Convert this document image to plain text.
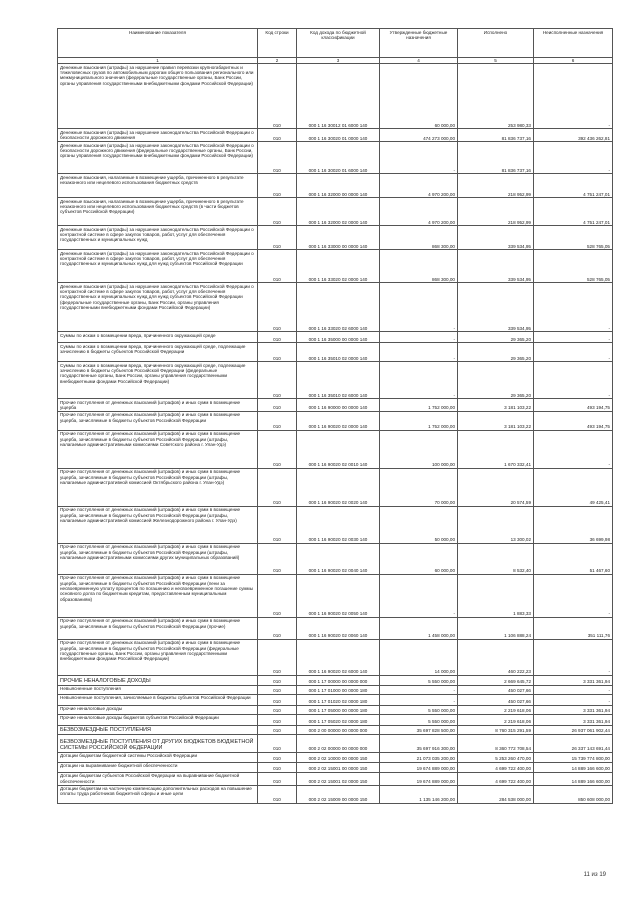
Наименование показателя	Код строки	Код дохода по бюджетной классификации	Утвержденные бюджетные назначения	Исполнено	Неисполненные назначения
1	2	3	4	5	6
Денежные взыскания (штрафы) за нарушение правил перевозки крупногабаритных и тяжеловесных грузов по автомобильным дорогам общего пользования регионального или межмуниципального значения (федеральные государственные органы, Банк России, органы управления государственными внебюджетными фондами Российской Федерации)	010	000 1 16 30012 01 6000 140	60 000,00	253 980,33	-
Денежные взыскания (штрафы) за нарушение законодательства Российской Федерации о безопасности дорожного движения	010	000 1 16 30020 01 0000 140	474 273 000,00	81 836 737,16	392 436 262,81
Денежные взыскания (штрафы) за нарушение законодательства Российской Федерации о безопасности дорожного движения (федеральные государственные органы, Банк России, органы управления государственными внебюджетными фондами Российской Федерации)	010	000 1 16 30020 01 6000 140	-	81 836 737,16	-
Денежные взыскания, налагаемые в возмещение ущерба, причиненного в результате незаконного или нецелевого использования бюджетных средств	010	000 1 16 32000 00 0000 140	4 970 200,00	218 952,99	4 751 247,01
Денежные взыскания, налагаемые в возмещение ущерба, причиненного в результате незаконного или нецелевого использования бюджетных средств (в части бюджетов субъектов Российской Федерации)	010	000 1 16 32000 02 0000 140	4 970 200,00	218 952,99	4 751 247,01
Денежные взыскания (штрафы) за нарушение законодательства Российской Федерации о контрактной системе в сфере закупок товаров, работ, услуг для обеспечения государственных и муниципальных нужд	010	000 1 16 33000 00 0000 140	868 300,00	339 534,95	528 765,05
Денежные взыскания (штрафы) за нарушение законодательства Российской Федерации о контрактной системе в сфере закупок товаров, работ, услуг для обеспечения государственных и муниципальных нужд для нужд субъектов Российской Федерации	010	000 1 16 33020 02 0000 140	868 300,00	339 534,95	528 765,05
Денежные взыскания (штрафы) за нарушение законодательства Российской Федерации о контрактной системе в сфере закупок товаров, работ, услуг для обеспечения государственных и муниципальных нужд для нужд субъектов Российской Федерации (федеральные государственные органы, Банк России, органы управления государственными внебюджетными фондами Российской Федерации)	010	000 1 16 33020 02 6000 140	-	339 534,95	-
Суммы по искам о возмещении вреда, причиненного окружающей среде	010	000 1 16 35000 00 0000 140	-	29 365,20	-
Суммы по искам о возмещении вреда, причиненного окружающей среде, подлежащие зачислению в бюджеты субъектов Российской Федерации	010	000 1 16 35010 02 0000 140	-	29 365,20	-
Суммы по искам о возмещении вреда, причиненного окружающей среде, подлежащие зачислению в бюджеты субъектов Российской Федерации (федеральные государственные органы, Банк России, органы управления государственными внебюджетными фондами Российской Федерации)	010	000 1 16 35010 02 6000 140	-	29 365,20	-
Прочие поступления от денежных взысканий (штрафов) и иных сумм в возмещение ущерба	010	000 1 16 90000 00 0000 140	1 752 000,00	3 181 103,22	493 194,75
Прочие поступления от денежных взысканий (штрафов) и иных сумм в возмещение ущерба, зачисляемые в бюджеты субъектов Российской Федерации	010	000 1 16 90020 02 0000 140	1 752 000,00	3 181 103,22	493 194,75
Прочие поступления от денежных взысканий (штрафов) и иных сумм в возмещение ущерба, зачисляемые в бюджеты субъектов Российской Федерации (штрафы, налагаемые административными комиссиями Советского района г. Улан-Удэ)	010	000 1 16 90020 02 0010 140	100 000,00	1 670 332,41	-
Прочие поступления от денежных взысканий (штрафов) и иных сумм в возмещение ущерба, зачисляемые в бюджеты субъектов Российской Федерации (штрафы, налагаемые административной комиссией Октябрьского района г. Улан-Удэ)	010	000 1 16 90020 02 0020 140	70 000,00	20 574,59	49 425,41
Прочие поступления от денежных взысканий (штрафов) и иных сумм в возмещение ущерба, зачисляемые в бюджеты субъектов Российской Федерации (штрафы, налагаемые административной комиссией Железнодорожного района г. Улан-Удэ)	010	000 1 16 90020 02 0030 140	50 000,00	13 300,02	36 699,98
Прочие поступления от денежных взысканий (штрафов) и иных сумм в возмещение ущерба, зачисляемые в бюджеты субъектов Российской Федерации (штрафы, налагаемые административными комиссиями других муниципальных образований)	010	000 1 16 90020 02 0040 140	60 000,00	8 532,40	51 467,60
Прочие поступления от денежных взысканий (штрафов) и иных сумм в возмещение ущерба, зачисляемые в бюджеты субъектов Российской Федерации (пени за несвоевременную уплату процентов по погашению и несвоевременное погашение суммы основного долга по бюджетным кредитам, предоставленным муниципальным образованиям)	010	000 1 16 90020 02 0050 140	-	1 883,33	-
Прочие поступления от денежных взысканий (штрафов) и иных сумм в возмещение ущерба, зачисляемые в бюджеты субъектов Российской Федерации (прочие)	010	000 1 16 90020 02 0060 140	1 458 000,00	1 106 888,24	351 111,76
Прочие поступления от денежных взысканий (штрафов) и иных сумм в возмещение ущерба, зачисляемые в бюджеты субъектов Российской Федерации (федеральные государственные органы, Банк России, органы управления государственными внебюджетными фондами Российской Федерации)	010	000 1 16 90020 02 6000 140	14 000,00	460 222,23	-
ПРОЧИЕ НЕНАЛОГОВЫЕ ДОХОДЫ	010	000 1 17 00000 00 0000 000	5 550 000,00	2 669 645,72	3 331 361,94
Невыясненные поступления	010	000 1 17 01000 00 0000 180	-	450 027,66	-
Невыясненные поступления, зачисляемые в бюджеты субъектов Российской Федерации	010	000 1 17 01020 02 0000 180	-	450 027,66	-
Прочие неналоговые доходы	010	000 1 17 05000 00 0000 180	5 550 000,00	2 219 618,06	3 331 361,94
Прочие неналоговые доходы бюджетов субъектов Российской Федерации	010	000 1 17 05020 02 0000 180	5 550 000,00	2 219 618,06	3 331 361,94
БЕЗВОЗМЕЗДНЫЕ ПОСТУПЛЕНИЯ	010	000 2 00 00000 00 0000 000	35 697 828 500,00	8 760 315 291,59	26 937 061 902,44
БЕЗВОЗМЕЗДНЫЕ ПОСТУПЛЕНИЯ ОТ ДРУГИХ БЮДЖЕТОВ БЮДЖЕТНОЙ СИСТЕМЫ РОССИЙСКОЙ ФЕДЕРАЦИИ	010	000 2 02 00000 00 0000 000	35 697 916 300,00	8 360 772 708,54	26 337 143 691,44
Дотации бюджетам бюджетной системы Российской Федерации	010	000 2 02 10000 00 0000 150	21 073 035 200,00	5 253 260 470,00	15 739 774 800,00
Дотации на выравнивание бюджетной обеспеченности	010	000 2 02 15001 00 0000 150	19 674 889 000,00	4 699 722 400,00	14 889 166 600,00
Дотации бюджетам субъектов Российской Федерации на выравнивание бюджетной обеспеченности	010	000 2 02 15001 02 0000 150	19 674 889 000,00	4 699 722 400,00	14 889 166 600,00
Дотации бюджетам на частичную компенсацию дополнительных расходов на повышение оплаты труда работников бюджетной сферы и иные цели	010	000 2 02 15009 00 0000 150	1 135 146 200,00	284 538 000,00	850 608 000,00
11 из 19
